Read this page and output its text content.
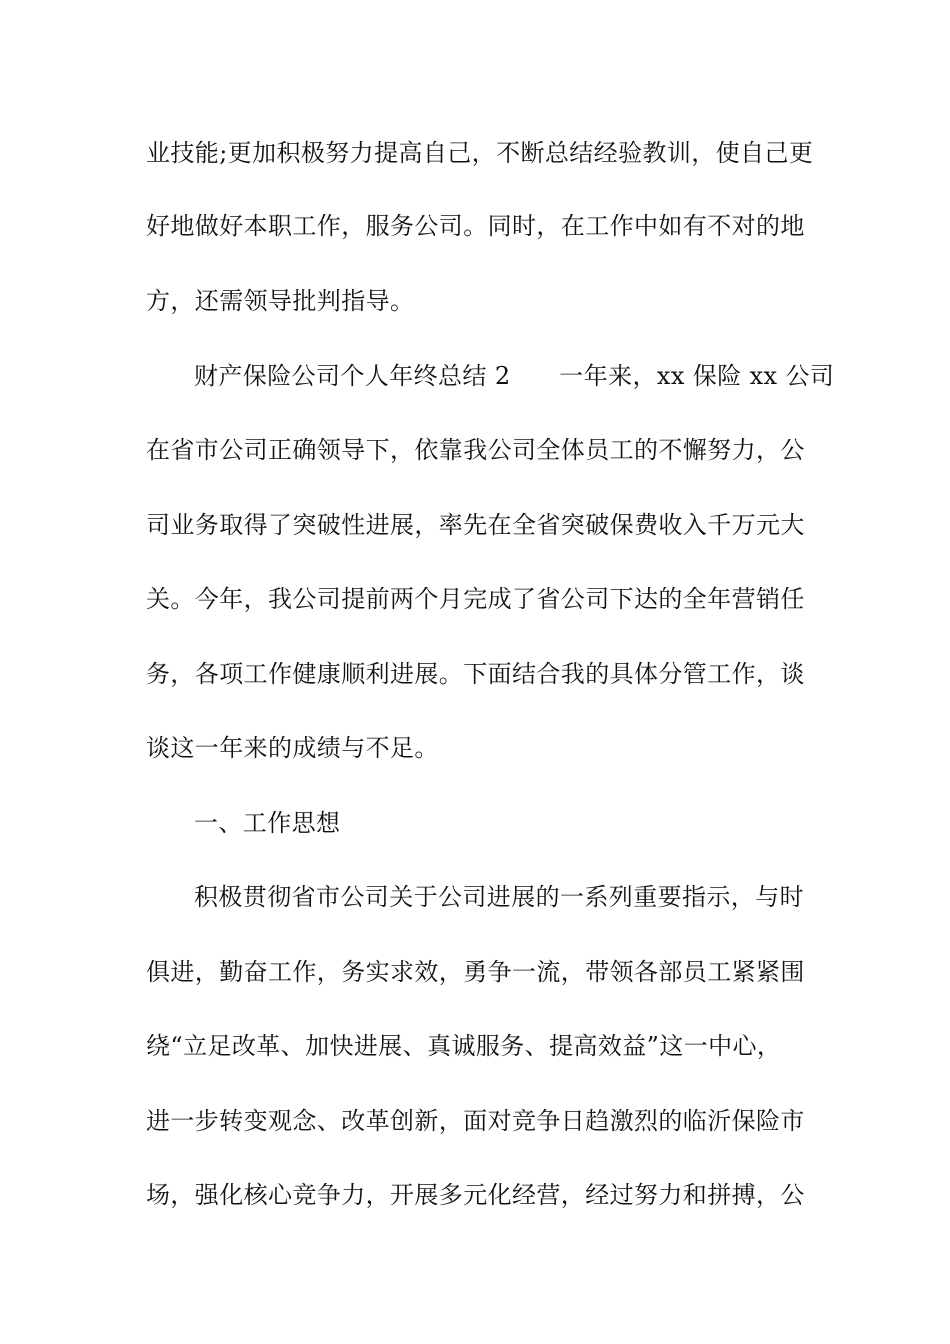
业技能;更加积极努力提高自己，不断总结经验教训，使自己更
好地做好本职工作，服务公司。同时，在工作中如有不对的地
方，还需领导批判指导。
财产保险公司个人年终总结 2　　一年来，xx 保险 xx 公司
在省市公司正确领导下，依靠我公司全体员工的不懈努力，公
司业务取得了突破性进展，率先在全省突破保费收入千万元大
关。今年，我公司提前两个月完成了省公司下达的全年营销任
务，各项工作健康顺利进展。下面结合我的具体分管工作，谈
谈这一年来的成绩与不足。
一、工作思想
积极贯彻省市公司关于公司进展的一系列重要指示，与时
俱进，勤奋工作，务实求效，勇争一流，带领各部员工紧紧围
绕“立足改革、加快进展、真诚服务、提高效益”这一中心，
进一步转变观念、改革创新，面对竞争日趋激烈的临沂保险市
场，强化核心竞争力，开展多元化经营，经过努力和拼搏，公
